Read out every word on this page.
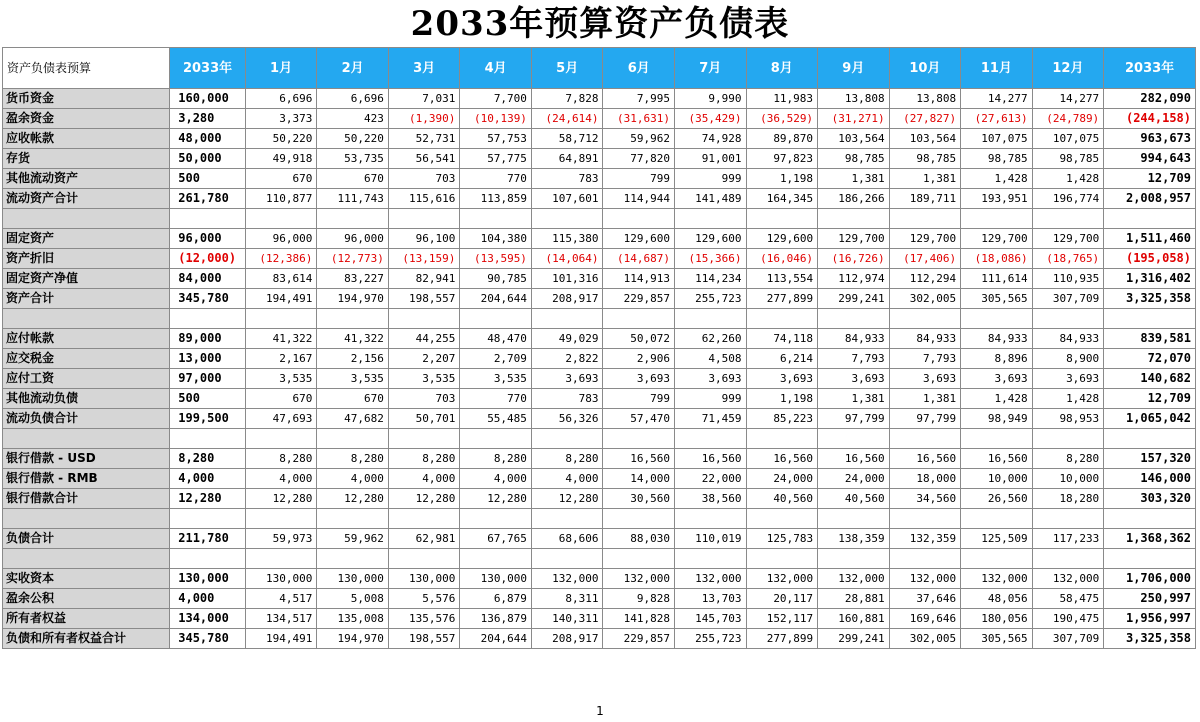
2033年预算资产负债表
资产负债表预算	2033年	1月	2月	3月	4月	5月	6月	7月	8月	9月	10月	11月	12月	2033年
货币资金	160,000	6,696	6,696	7,031	7,700	7,828	7,995	9,990	11,983	13,808	13,808	14,277	14,277	282,090
盈余资金	3,280	3,373	423	(1,390)	(10,139)	(24,614)	(31,631)	(35,429)	(36,529)	(31,271)	(27,827)	(27,613)	(24,789)	(244,158)
应收帐款	48,000	50,220	50,220	52,731	57,753	58,712	59,962	74,928	89,870	103,564	103,564	107,075	107,075	963,673
存货	50,000	49,918	53,735	56,541	57,775	64,891	77,820	91,001	97,823	98,785	98,785	98,785	98,785	994,643
其他流动资产	500	670	670	703	770	783	799	999	1,198	1,381	1,381	1,428	1,428	12,709
流动资产合计	261,780	110,877	111,743	115,616	113,859	107,601	114,944	141,489	164,345	186,266	189,711	193,951	196,774	2,008,957

固定资产	96,000	96,000	96,000	96,100	104,380	115,380	129,600	129,600	129,600	129,700	129,700	129,700	129,700	1,511,460
资产折旧	(12,000)	(12,386)	(12,773)	(13,159)	(13,595)	(14,064)	(14,687)	(15,366)	(16,046)	(16,726)	(17,406)	(18,086)	(18,765)	(195,058)
固定资产净值	84,000	83,614	83,227	82,941	90,785	101,316	114,913	114,234	113,554	112,974	112,294	111,614	110,935	1,316,402
资产合计	345,780	194,491	194,970	198,557	204,644	208,917	229,857	255,723	277,899	299,241	302,005	305,565	307,709	3,325,358

应付帐款	89,000	41,322	41,322	44,255	48,470	49,029	50,072	62,260	74,118	84,933	84,933	84,933	84,933	839,581
应交税金	13,000	2,167	2,156	2,207	2,709	2,822	2,906	4,508	6,214	7,793	7,793	8,896	8,900	72,070
应付工资	97,000	3,535	3,535	3,535	3,535	3,693	3,693	3,693	3,693	3,693	3,693	3,693	3,693	140,682
其他流动负债	500	670	670	703	770	783	799	999	1,198	1,381	1,381	1,428	1,428	12,709
流动负债合计	199,500	47,693	47,682	50,701	55,485	56,326	57,470	71,459	85,223	97,799	97,799	98,949	98,953	1,065,042

银行借款 - USD	8,280	8,280	8,280	8,280	8,280	8,280	16,560	16,560	16,560	16,560	16,560	16,560	8,280	157,320
银行借款 - RMB	4,000	4,000	4,000	4,000	4,000	4,000	14,000	22,000	24,000	24,000	18,000	10,000	10,000	146,000
银行借款合计	12,280	12,280	12,280	12,280	12,280	12,280	30,560	38,560	40,560	40,560	34,560	26,560	18,280	303,320

负债合计	211,780	59,973	59,962	62,981	67,765	68,606	88,030	110,019	125,783	138,359	132,359	125,509	117,233	1,368,362

实收资本	130,000	130,000	130,000	130,000	130,000	132,000	132,000	132,000	132,000	132,000	132,000	132,000	132,000	1,706,000
盈余公积	4,000	4,517	5,008	5,576	6,879	8,311	9,828	13,703	20,117	28,881	37,646	48,056	58,475	250,997
所有者权益	134,000	134,517	135,008	135,576	136,879	140,311	141,828	145,703	152,117	160,881	169,646	180,056	190,475	1,956,997
负债和所有者权益合计	345,780	194,491	194,970	198,557	204,644	208,917	229,857	255,723	277,899	299,241	302,005	305,565	307,709	3,325,358
1
